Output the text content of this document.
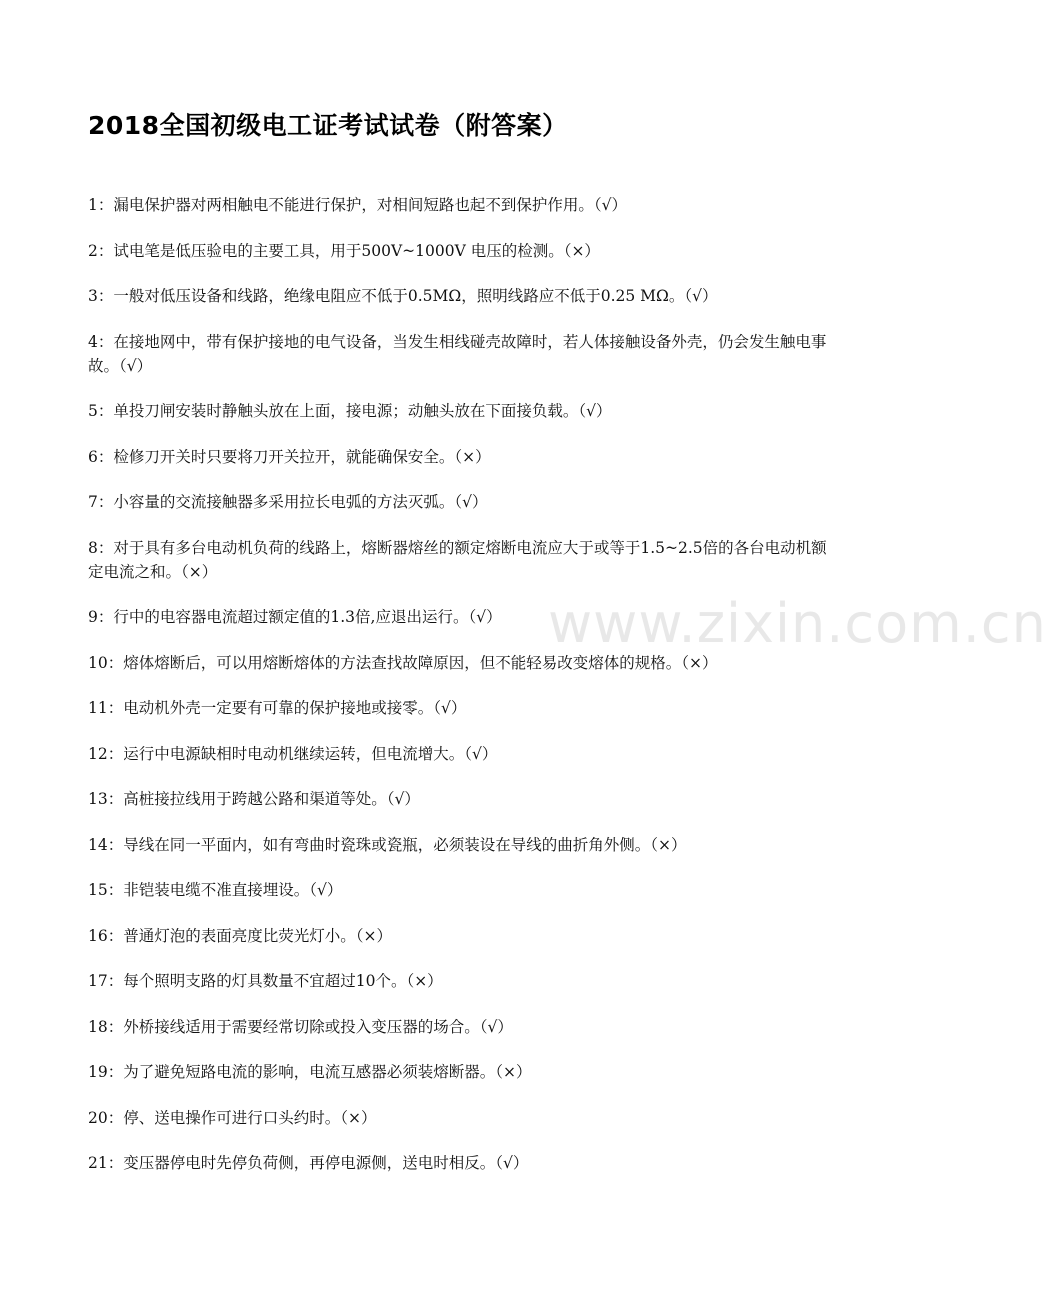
2018全国初级电工证考试试卷（附答案）
1：漏电保护器对两相触电不能进行保护，对相间短路也起不到保护作用。（√）
2：试电笔是低压验电的主要工具，用于500V~1000V 电压的检测。（×）
3：一般对低压设备和线路，绝缘电阻应不低于0.5MΩ，照明线路应不低于0.25 MΩ。（√）
4：在接地网中，带有保护接地的电气设备，当发生相线碰壳故障时，若人体接触设备外壳，仍会发生触电事故。（√）
5：单投刀闸安装时静触头放在上面，接电源；动触头放在下面接负载。（√）
6：检修刀开关时只要将刀开关拉开，就能确保安全。（×）
7：小容量的交流接触器多采用拉长电弧的方法灭弧。（√）
8：对于具有多台电动机负荷的线路上，熔断器熔丝的额定熔断电流应大于或等于1.5~2.5倍的各台电动机额定电流之和。（×）
9：行中的电容器电流超过额定值的1.3倍,应退出运行。（√）
10：熔体熔断后，可以用熔断熔体的方法查找故障原因，但不能轻易改变熔体的规格。（×）
11：电动机外壳一定要有可靠的保护接地或接零。（√）
12：运行中电源缺相时电动机继续运转，但电流增大。（√）
13：高桩接拉线用于跨越公路和渠道等处。（√）
14：导线在同一平面内，如有弯曲时瓷珠或瓷瓶，必须装设在导线的曲折角外侧。（×）
15：非铠装电缆不准直接埋设。（√）
16：普通灯泡的表面亮度比荧光灯小。（×）
17：每个照明支路的灯具数量不宜超过10个。（×）
18：外桥接线适用于需要经常切除或投入变压器的场合。（√）
19：为了避免短路电流的影响，电流互感器必须装熔断器。（×）
20：停、送电操作可进行口头约时。（×）
21：变压器停电时先停负荷侧，再停电源侧，送电时相反。（√）
www.zixin.com.cn
